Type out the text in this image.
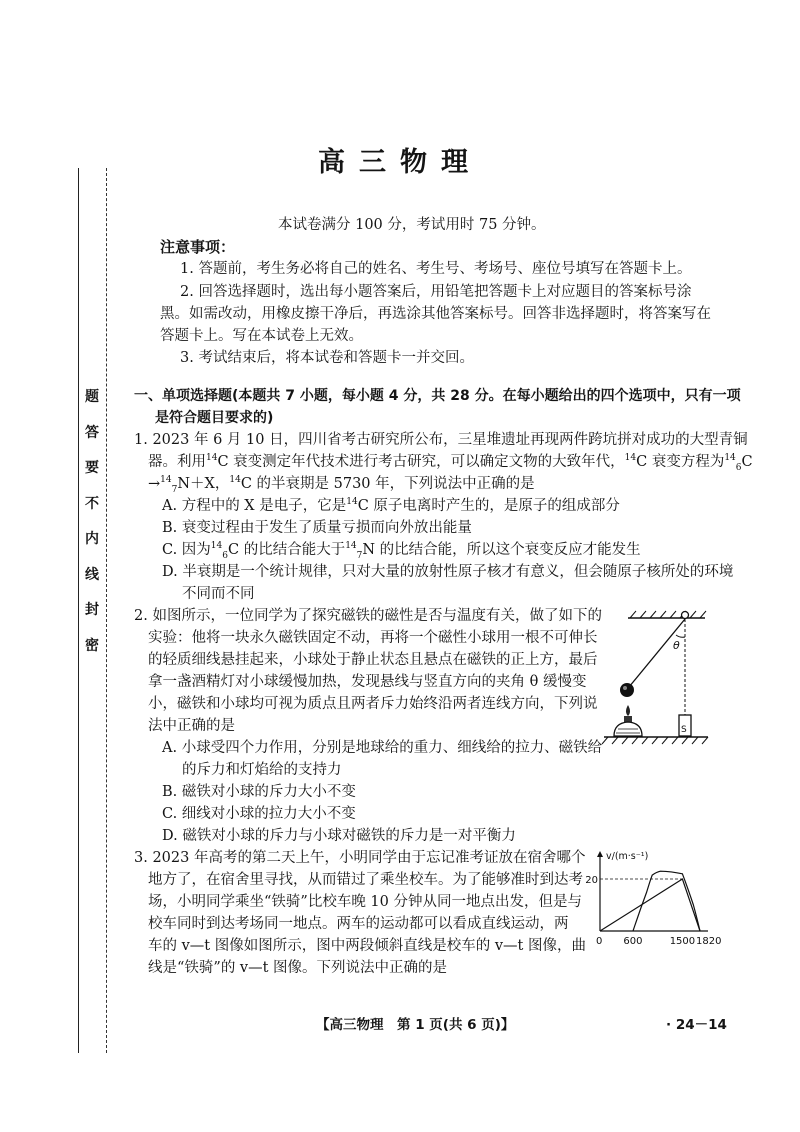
题
答
要
不
内
线
封
密
高三物理
本试卷满分 100 分，考试用时 75 分钟。
注意事项：
1. 答题前，考生务必将自己的姓名、考生号、考场号、座位号填写在答题卡上。
2. 回答选择题时，选出每小题答案后，用铅笔把答题卡上对应题目的答案标号涂
黑。如需改动，用橡皮擦干净后，再选涂其他答案标号。回答非选择题时，将答案写在
答题卡上。写在本试卷上无效。
3. 考试结束后，将本试卷和答题卡一并交回。
一、单项选择题(本题共 7 小题，每小题 4 分，共 28 分。在每小题给出的四个选项中，只有一项
是符合题目要求的)
1. 2023 年 6 月 10 日，四川省考古研究所公布，三星堆遗址再现两件跨坑拼对成功的大型青铜
器。利用$^{14}$C 衰变测定年代技术进行考古研究，可以确定文物的大致年代，$^{14}$C 衰变方程为$^{14}_6$C
→$^{14}_7$N＋X，$^{14}$C 的半衰期是 5730 年，下列说法中正确的是
A. 方程中的 X 是电子，它是$^{14}$C 原子电离时产生的，是原子的组成部分
B. 衰变过程由于发生了质量亏损而向外放出能量
C. 因为$^{14}_6$C 的比结合能大于$^{14}_7$N 的比结合能，所以这个衰变反应才能发生
D. 半衰期是一个统计规律，只对大量的放射性原子核才有意义，但会随原子核所处的环境
不同而不同
2. 如图所示，一位同学为了探究磁铁的磁性是否与温度有关，做了如下的
实验：他将一块永久磁铁固定不动，再将一个磁性小球用一根不可伸长
的轻质细线悬挂起来，小球处于静止状态且悬点在磁铁的正上方，最后
拿一盏酒精灯对小球缓慢加热，发现悬线与竖直方向的夹角 θ 缓慢变
小，磁铁和小球均可视为质点且两者斥力始终沿两者连线方向，下列说
法中正确的是
A. 小球受四个力作用，分别是地球给的重力、细线给的拉力、磁铁给
的斥力和灯焰给的支持力
B. 磁铁对小球的斥力大小不变
C. 细线对小球的拉力大小不变
D. 磁铁对小球的斥力与小球对磁铁的斥力是一对平衡力
θ
S
3. 2023 年高考的第二天上午，小明同学由于忘记准考证放在宿舍哪个
地方了，在宿舍里寻找，从而错过了乘坐校车。为了能够准时到达考
场，小明同学乘坐“铁骑”比校车晚 10 分钟从同一地点出发，但是与
校车同时到达考场同一地点。两车的运动都可以看成直线运动，两
车的 v—t 图像如图所示，图中两段倾斜直线是校车的 v—t 图像，曲
线是“铁骑”的 v—t 图像。下列说法中正确的是
v/(m·s⁻¹)
20
0 600	1500 1820
【高三物理　第 1 页(共 6 页)】	· 24－14
